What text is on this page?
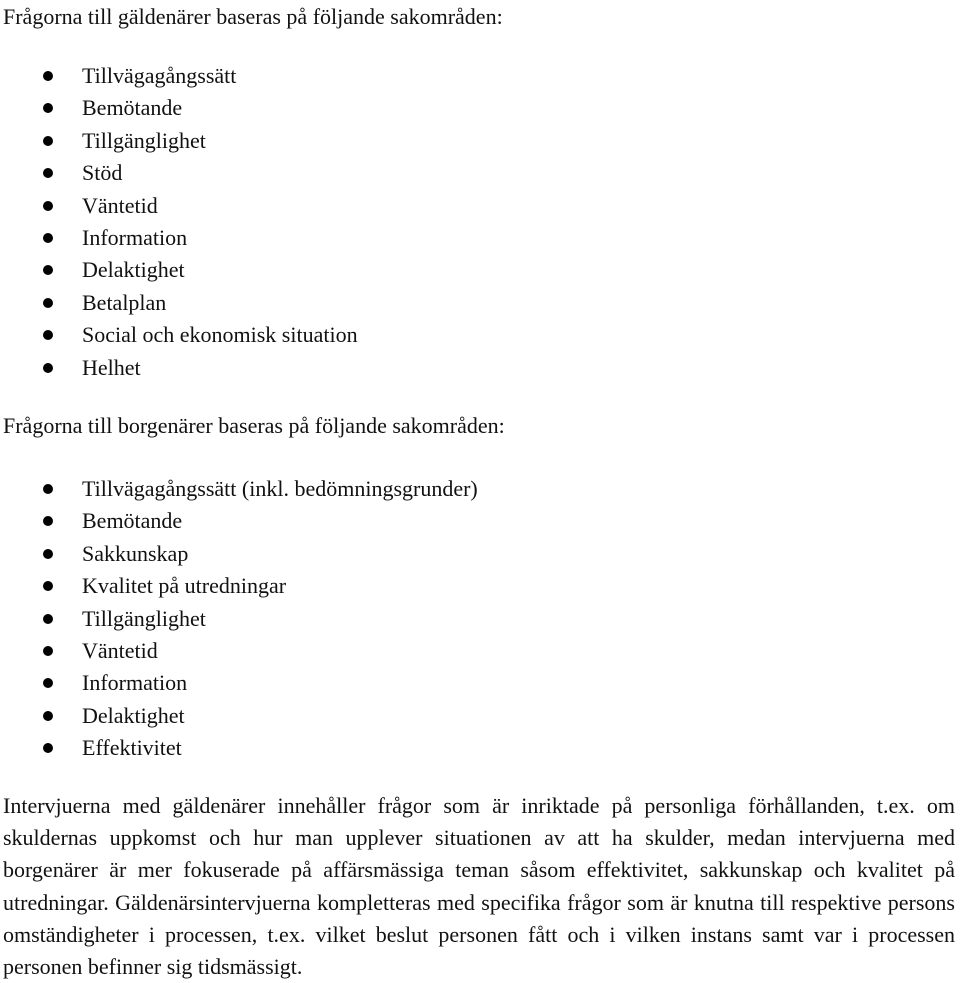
Frågorna till gäldenärer baseras på följande sakområden:

Tillvägagångssätt
Bemötande
Tillgänglighet
Stöd
Väntetid
Information
Delaktighet
Betalplan
Social och ekonomisk situation
Helhet

Frågorna till borgenärer baseras på följande sakområden:

Tillvägagångssätt (inkl. bedömningsgrunder)
Bemötande
Sakkunskap
Kvalitet på utredningar
Tillgänglighet
Väntetid
Information
Delaktighet
Effektivitet

Intervjuerna med gäldenärer innehåller frågor som är inriktade på personliga förhållanden, t.ex. om skuldernas uppkomst och hur man upplever situationen av att ha skulder, medan intervjuerna med borgenärer är mer fokuserade på affärsmässiga teman såsom effektivitet, sakkunskap och kvalitet på utredningar. Gäldenärsintervjuerna kompletteras med specifika frågor som är knutna till respektive persons omständigheter i processen, t.ex. vilket beslut personen fått och i vilken instans samt var i processen personen befinner sig tidsmässigt.
